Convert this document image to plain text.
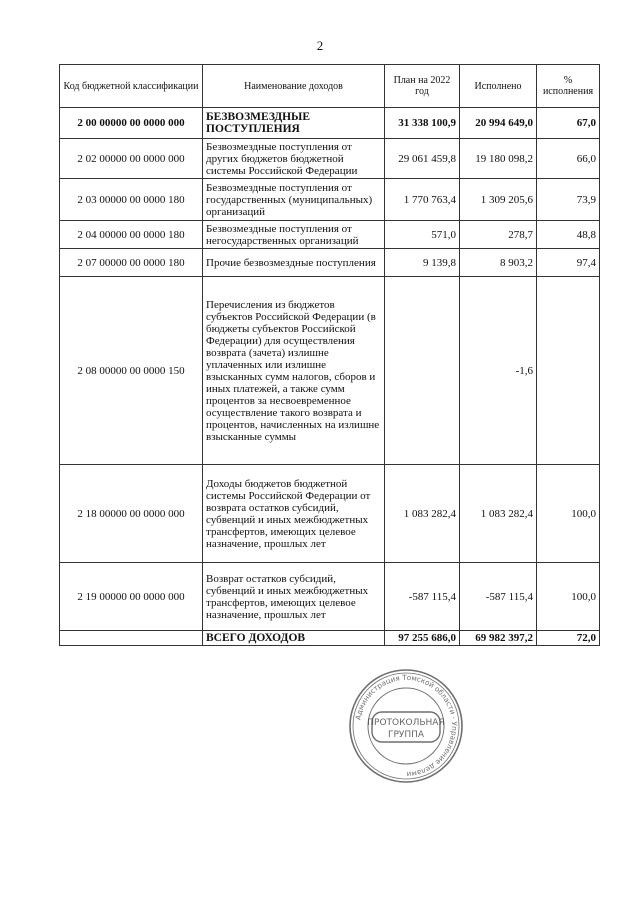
2
Код бюджетной классификации	Наименование доходов	План на 2022 год	Исполнено	% исполнения
2 00 00000 00 0000 000	БЕЗВОЗМЕЗДНЫЕ ПОСТУПЛЕНИЯ	31 338 100,9	20 994 649,0	67,0
2 02 00000 00 0000 000	Безвозмездные поступления от других бюджетов бюджетной системы Российской Федерации	29 061 459,8	19 180 098,2	66,0
2 03 00000 00 0000 180	Безвозмездные поступления от государственных (муниципальных) организаций	1 770 763,4	1 309 205,6	73,9
2 04 00000 00 0000 180	Безвозмездные поступления от негосударственных организаций	571,0	278,7	48,8
2 07 00000 00 0000 180	Прочие безвозмездные поступления	9 139,8	8 903,2	97,4
2 08 00000 00 0000 150	Перечисления из бюджетов субъектов Российской Федерации (в бюджеты субъектов Российской Федерации) для осуществления возврата (зачета) излишне уплаченных или излишне взысканных сумм налогов, сборов и иных платежей, а также сумм процентов за несвоевременное осуществление такого возврата и процентов, начисленных на излишне взысканные суммы		-1,6	
2 18 00000 00 0000 000	Доходы бюджетов бюджетной системы Российской Федерации от возврата остатков субсидий, субвенций и иных межбюджетных трансфертов, имеющих целевое назначение, прошлых лет	1 083 282,4	1 083 282,4	100,0
2 19 00000 00 0000 000	Возврат остатков субсидий, субвенций и иных межбюджетных трансфертов, имеющих целевое назначение, прошлых лет	-587 115,4	-587 115,4	100,0
	ВСЕГО ДОХОДОВ	97 255 686,0	69 982 397,2	72,0
Администрация Томской области · Управление делами
ПРОТОКОЛЬНАЯ
ГРУППА
